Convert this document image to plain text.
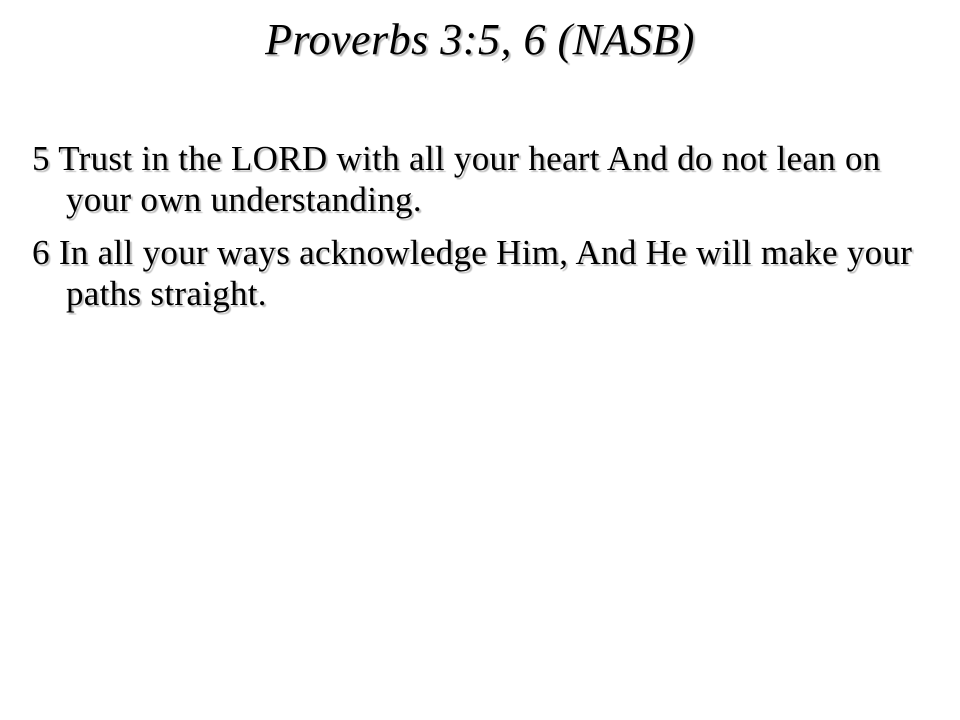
Proverbs 3:5, 6 (NASB)

5 Trust in the LORD with all your heart And do not lean on your own understanding.

6 In all your ways acknowledge Him, And He will make your paths straight.
